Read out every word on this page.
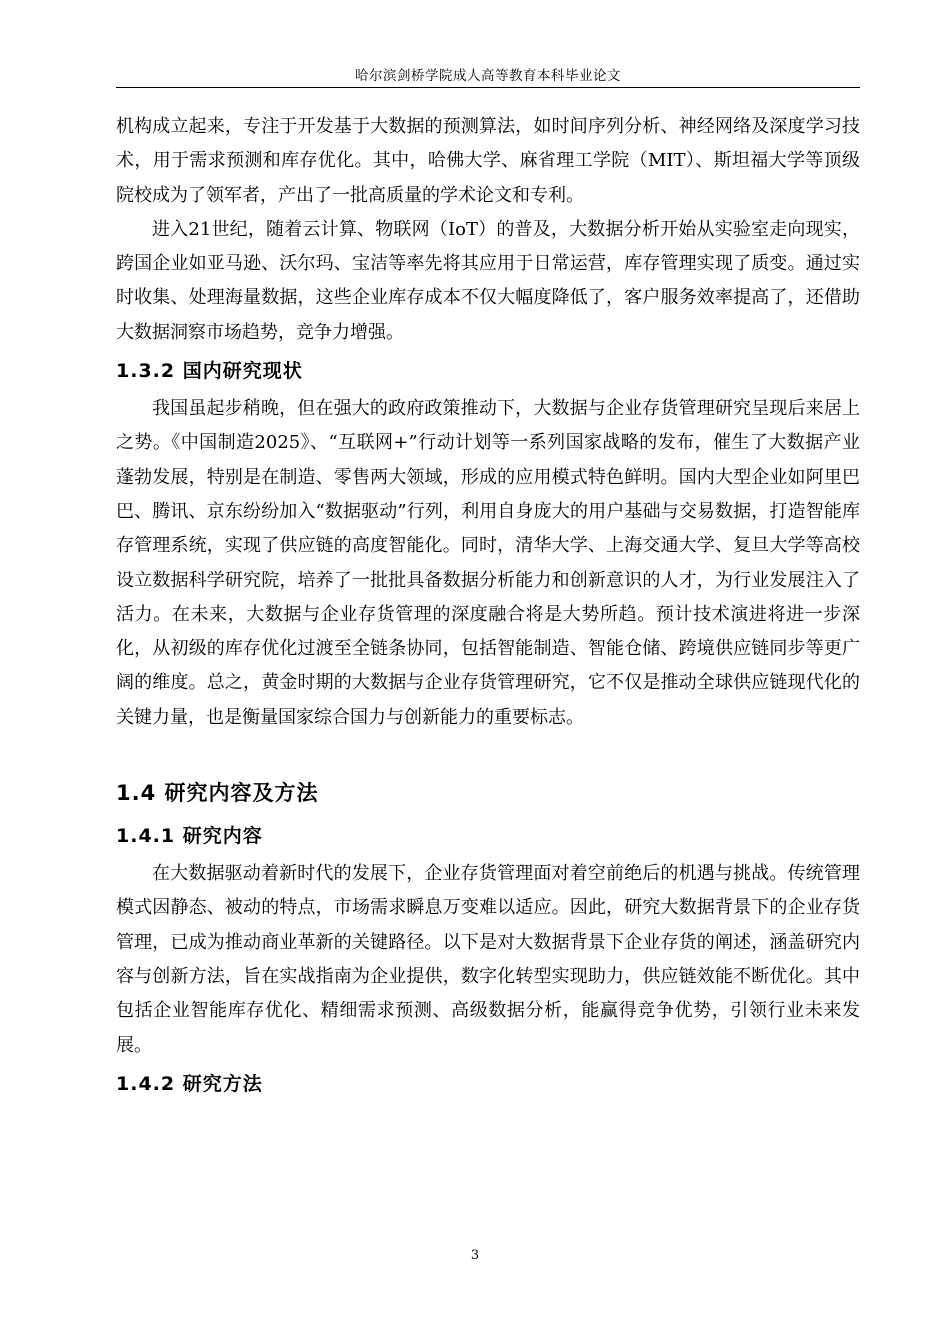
哈尔滨剑桥学院成人高等教育本科毕业论文

机构成立起来，专注于开发基于大数据的预测算法，如时间序列分析、神经网络及深度学习技术，用于需求预测和库存优化。其中，哈佛大学、麻省理工学院（MIT）、斯坦福大学等顶级院校成为了领军者，产出了一批高质量的学术论文和专利。

进入21世纪，随着云计算、物联网（IoT）的普及，大数据分析开始从实验室走向现实，跨国企业如亚马逊、沃尔玛、宝洁等率先将其应用于日常运营，库存管理实现了质变。通过实时收集、处理海量数据，这些企业库存成本不仅大幅度降低了，客户服务效率提高了，还借助大数据洞察市场趋势，竞争力增强。

1.3.2 国内研究现状

我国虽起步稍晚，但在强大的政府政策推动下，大数据与企业存货管理研究呈现后来居上之势。《中国制造2025》、“互联网+”行动计划等一系列国家战略的发布，催生了大数据产业蓬勃发展，特别是在制造、零售两大领域，形成的应用模式特色鲜明。国内大型企业如阿里巴巴、腾讯、京东纷纷加入“数据驱动”行列，利用自身庞大的用户基础与交易数据，打造智能库存管理系统，实现了供应链的高度智能化。同时，清华大学、上海交通大学、复旦大学等高校设立数据科学研究院，培养了一批批具备数据分析能力和创新意识的人才，为行业发展注入了活力。在未来，大数据与企业存货管理的深度融合将是大势所趋。预计技术演进将进一步深化，从初级的库存优化过渡至全链条协同，包括智能制造、智能仓储、跨境供应链同步等更广阔的维度。总之，黄金时期的大数据与企业存货管理研究，它不仅是推动全球供应链现代化的关键力量，也是衡量国家综合国力与创新能力的重要标志。

1.4 研究内容及方法
1.4.1 研究内容

在大数据驱动着新时代的发展下，企业存货管理面对着空前绝后的机遇与挑战。传统管理模式因静态、被动的特点，市场需求瞬息万变难以适应。因此，研究大数据背景下的企业存货管理，已成为推动商业革新的关键路径。以下是对大数据背景下企业存货的阐述，涵盖研究内容与创新方法，旨在实战指南为企业提供，数字化转型实现助力，供应链效能不断优化。其中包括企业智能库存优化、精细需求预测、高级数据分析，能赢得竞争优势，引领行业未来发展。

1.4.2 研究方法
3
